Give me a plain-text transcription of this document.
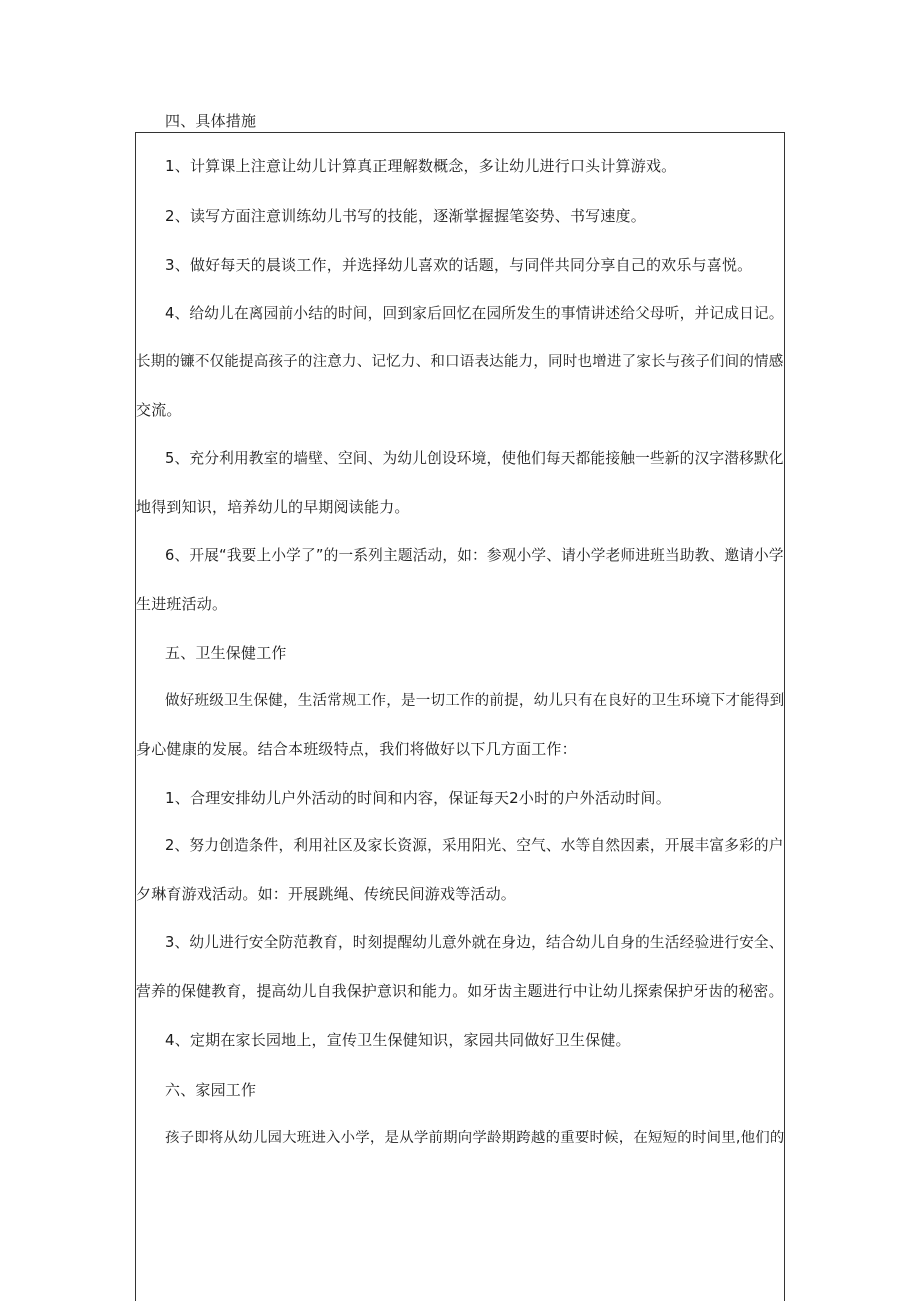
四、具体措施
1、计算课上注意让幼儿计算真正理解数概念，多让幼儿进行口头计算游戏。
2、读写方面注意训练幼儿书写的技能，逐渐掌握握笔姿势、书写速度。
3、做好每天的晨谈工作，并选择幼儿喜欢的话题，与同伴共同分享自己的欢乐与喜悦。
4、给幼儿在离园前小结的时间，回到家后回忆在园所发生的事情讲述给父母听，并记成日记。
长期的镰不仅能提高孩子的注意力、记忆力、和口语表达能力，同时也增进了家长与孩子们间的情感
交流。
5、充分利用教室的墙壁、空间、为幼儿创设环境，使他们每天都能接触一些新的汉字潜移默化
地得到知识，培养幼儿的早期阅读能力。
6、开展“我要上小学了”的一系列主题活动，如：参观小学、请小学老师进班当助教、邀请小学
生进班活动。
五、卫生保健工作
做好班级卫生保健，生活常规工作，是一切工作的前提，幼儿只有在良好的卫生环境下才能得到
身心健康的发展。结合本班级特点，我们将做好以下几方面工作：
1、合理安排幼儿户外活动的时间和内容，保证每天2小时的户外活动时间。
2、努力创造条件，利用社区及家长资源，采用阳光、空气、水等自然因素，开展丰富多彩的户
夕琳育游戏活动。如：开展跳绳、传统民间游戏等活动。
3、幼儿进行安全防范教育，时刻提醒幼儿意外就在身边，结合幼儿自身的生活经验进行安全、
营养的保健教育，提高幼儿自我保护意识和能力。如牙齿主题进行中让幼儿探索保护牙齿的秘密。
4、定期在家长园地上，宣传卫生保健知识，家园共同做好卫生保健。
六、家园工作
孩子即将从幼儿园大班进入小学，是从学前期向学龄期跨越的重要时候，在短短的时间里,他们的
